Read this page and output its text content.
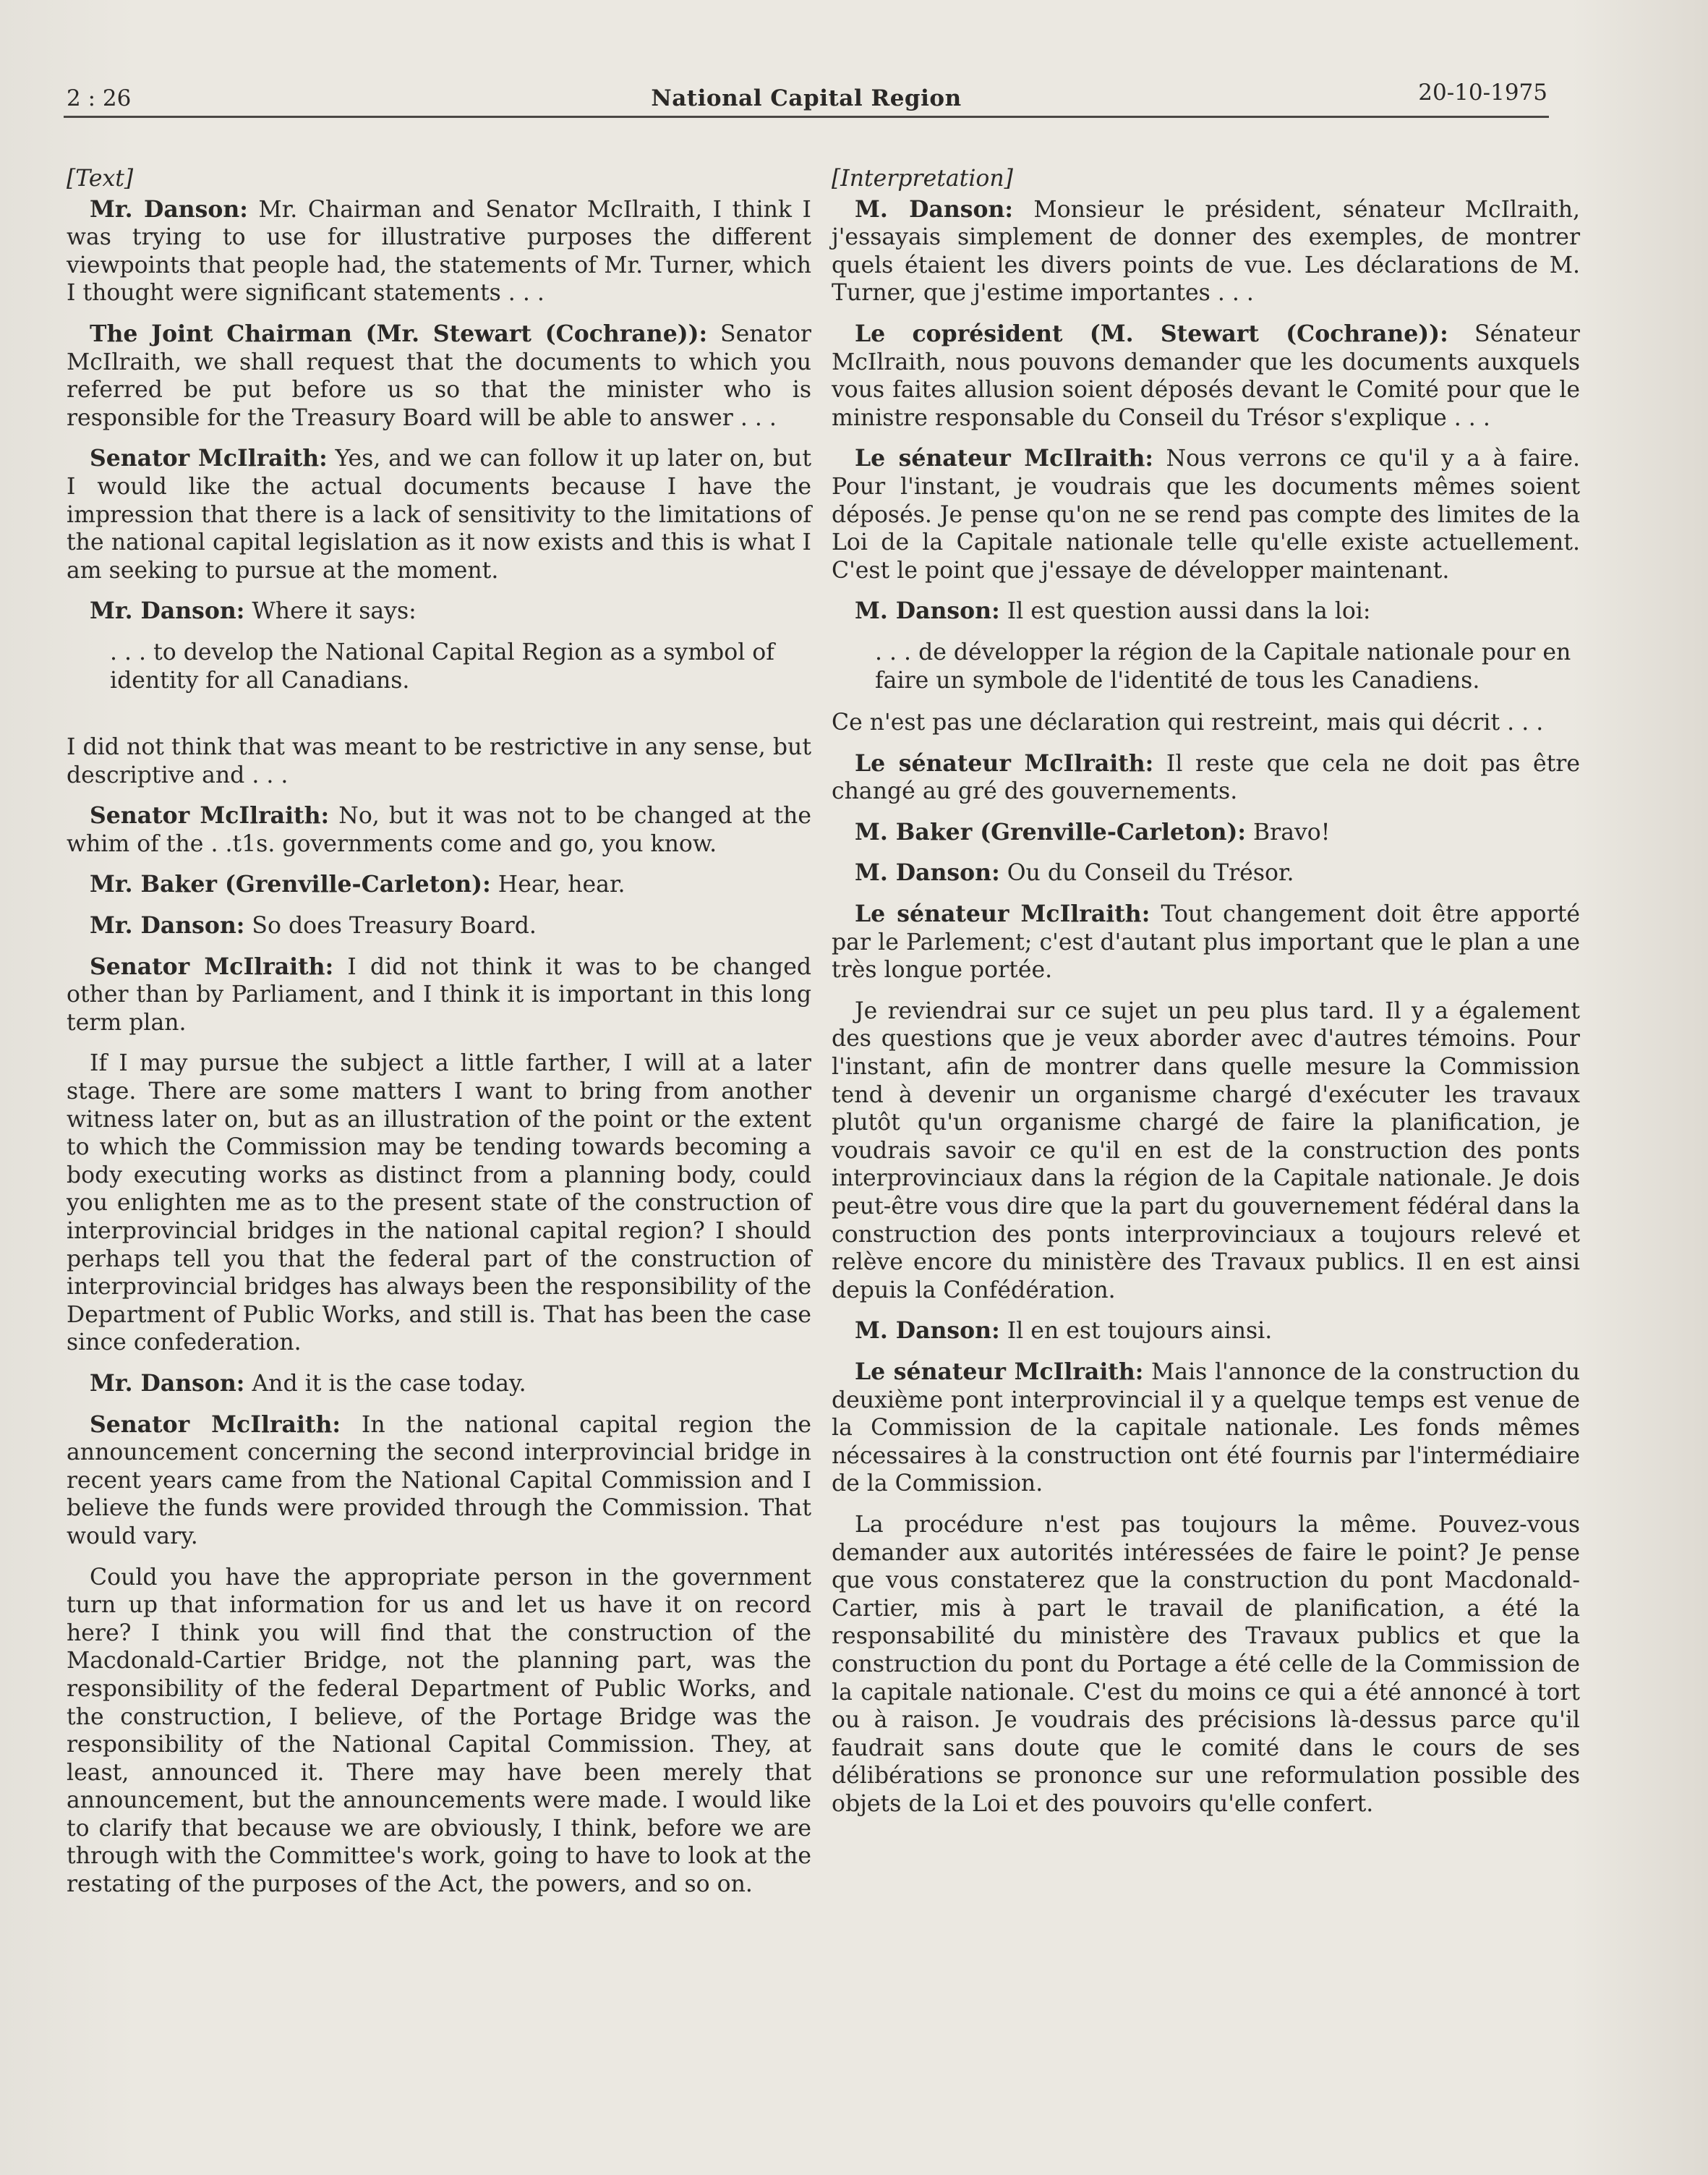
2 : 26	National Capital Region	20-10-1975

[Text]

Mr. Danson: Mr. Chairman and Senator McIlraith, I think I was trying to use for illustrative purposes the different viewpoints that people had, the statements of Mr. Turner, which I thought were significant statements . . .

The Joint Chairman (Mr. Stewart (Cochrane)): Senator McIlraith, we shall request that the documents to which you referred be put before us so that the minister who is responsible for the Treasury Board will be able to answer . . .

Senator McIlraith: Yes, and we can follow it up later on, but I would like the actual documents because I have the impression that there is a lack of sensitivity to the limitations of the national capital legislation as it now exists and this is what I am seeking to pursue at the moment.

Mr. Danson: Where it says:

. . . to develop the National Capital Region as a symbol of identity for all Canadians.

I did not think that was meant to be restrictive in any sense, but descriptive and . . .

Senator McIlraith: No, but it was not to be changed at the whim of the . .t1s. governments come and go, you know.

Mr. Baker (Grenville-Carleton): Hear, hear.

Mr. Danson: So does Treasury Board.

Senator McIlraith: I did not think it was to be changed other than by Parliament, and I think it is important in this long term plan.

If I may pursue the subject a little farther, I will at a later stage. There are some matters I want to bring from another witness later on, but as an illustration of the point or the extent to which the Commission may be tending towards becoming a body executing works as distinct from a planning body, could you enlighten me as to the present state of the construction of interprovincial bridges in the national capital region? I should perhaps tell you that the federal part of the construction of interprovincial bridges has always been the responsibility of the Department of Public Works, and still is. That has been the case since confederation.

Mr. Danson: And it is the case today.

Senator McIlraith: In the national capital region the announcement concerning the second interprovincial bridge in recent years came from the National Capital Commission and I believe the funds were provided through the Commission. That would vary.

Could you have the appropriate person in the government turn up that information for us and let us have it on record here? I think you will find that the construction of the Macdonald-Cartier Bridge, not the planning part, was the responsibility of the federal Department of Public Works, and the construction, I believe, of the Portage Bridge was the responsibility of the National Capital Commission. They, at least, announced it. There may have been merely that announcement, but the announcements were made. I would like to clarify that because we are obviously, I think, before we are through with the Committee's work, going to have to look at the restating of the purposes of the Act, the powers, and so on.

[Interpretation]

M. Danson: Monsieur le président, sénateur McIlraith, j'essayais simplement de donner des exemples, de montrer quels étaient les divers points de vue. Les déclarations de M. Turner, que j'estime importantes . . .

Le coprésident (M. Stewart (Cochrane)): Sénateur McIlraith, nous pouvons demander que les documents auxquels vous faites allusion soient déposés devant le Comité pour que le ministre responsable du Conseil du Trésor s'explique . . .

Le sénateur McIlraith: Nous verrons ce qu'il y a à faire. Pour l'instant, je voudrais que les documents mêmes soient déposés. Je pense qu'on ne se rend pas compte des limites de la Loi de la Capitale nationale telle qu'elle existe actuellement. C'est le point que j'essaye de développer maintenant.

M. Danson: Il est question aussi dans la loi:

. . . de développer la région de la Capitale nationale pour en faire un symbole de l'identité de tous les Canadiens.

Ce n'est pas une déclaration qui restreint, mais qui décrit . . .

Le sénateur McIlraith: Il reste que cela ne doit pas être changé au gré des gouvernements.

M. Baker (Grenville-Carleton): Bravo!

M. Danson: Ou du Conseil du Trésor.

Le sénateur McIlraith: Tout changement doit être apporté par le Parlement; c'est d'autant plus important que le plan a une très longue portée.

Je reviendrai sur ce sujet un peu plus tard. Il y a également des questions que je veux aborder avec d'autres témoins. Pour l'instant, afin de montrer dans quelle mesure la Commission tend à devenir un organisme chargé d'exécuter les travaux plutôt qu'un organisme chargé de faire la planification, je voudrais savoir ce qu'il en est de la construction des ponts interprovinciaux dans la région de la Capitale nationale. Je dois peut-être vous dire que la part du gouvernement fédéral dans la construction des ponts interprovinciaux a toujours relevé et relève encore du ministère des Travaux publics. Il en est ainsi depuis la Confédération.

M. Danson: Il en est toujours ainsi.

Le sénateur McIlraith: Mais l'annonce de la construction du deuxième pont interprovincial il y a quelque temps est venue de la Commission de la capitale nationale. Les fonds mêmes nécessaires à la construction ont été fournis par l'intermédiaire de la Commission.

La procédure n'est pas toujours la même. Pouvez-vous demander aux autorités intéressées de faire le point? Je pense que vous constaterez que la construction du pont Macdonald-Cartier, mis à part le travail de planification, a été la responsabilité du ministère des Travaux publics et que la construction du pont du Portage a été celle de la Commission de la capitale nationale. C'est du moins ce qui a été annoncé à tort ou à raison. Je voudrais des précisions là-dessus parce qu'il faudrait sans doute que le comité dans le cours de ses délibérations se prononce sur une reformulation possible des objets de la Loi et des pouvoirs qu'elle confert.
